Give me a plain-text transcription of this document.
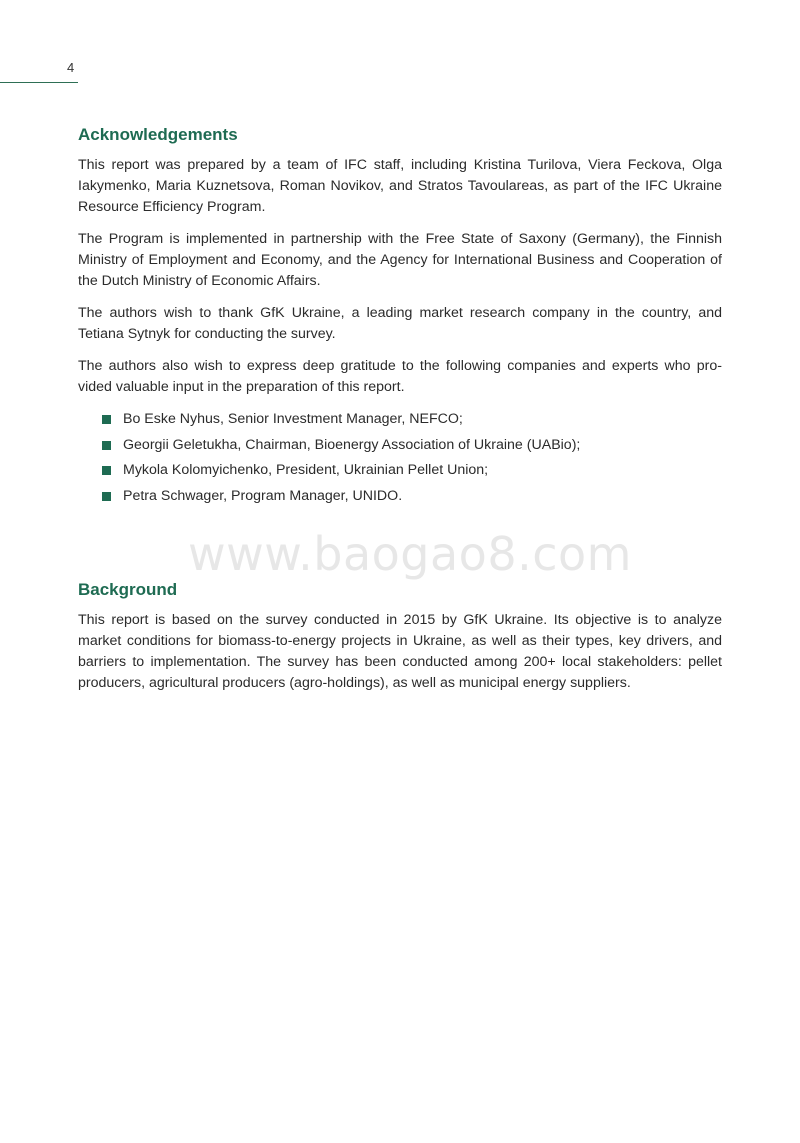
4
Acknowledgements

This report was prepared by a team of IFC staff, including Kristina Turilova, Viera Feckova, Olga Iakymenko, Maria Kuznetsova, Roman Novikov, and Stratos Tavoulareas, as part of the IFC Ukraine Resource Efficiency Program.

The Program is implemented in partnership with the Free State of Saxony (Germany), the Finnish Ministry of Employment and Economy, and the Agency for International Business and Cooperation of the Dutch Ministry of Economic Affairs.

The authors wish to thank GfK Ukraine, a leading market research company in the country, and Tetiana Sytnyk for conducting the survey.

The authors also wish to express deep gratitude to the following companies and experts who pro-vided valuable input in the preparation of this report.

Bo Eske Nyhus, Senior Investment Manager, NEFCO;
Georgii Geletukha, Chairman, Bioenergy Association of Ukraine (UABio);
Mykola Kolomyichenko, President, Ukrainian Pellet Union;
Petra Schwager, Program Manager, UNIDO.
www.baogao8.com
Background

This report is based on the survey conducted in 2015 by GfK Ukraine. Its objective is to analyze market conditions for biomass-to-energy projects in Ukraine, as well as their types, key drivers, and barriers to implementation. The survey has been conducted among 200+ local stakeholders: pellet producers, agricultural producers (agro-holdings), as well as municipal energy suppliers.
